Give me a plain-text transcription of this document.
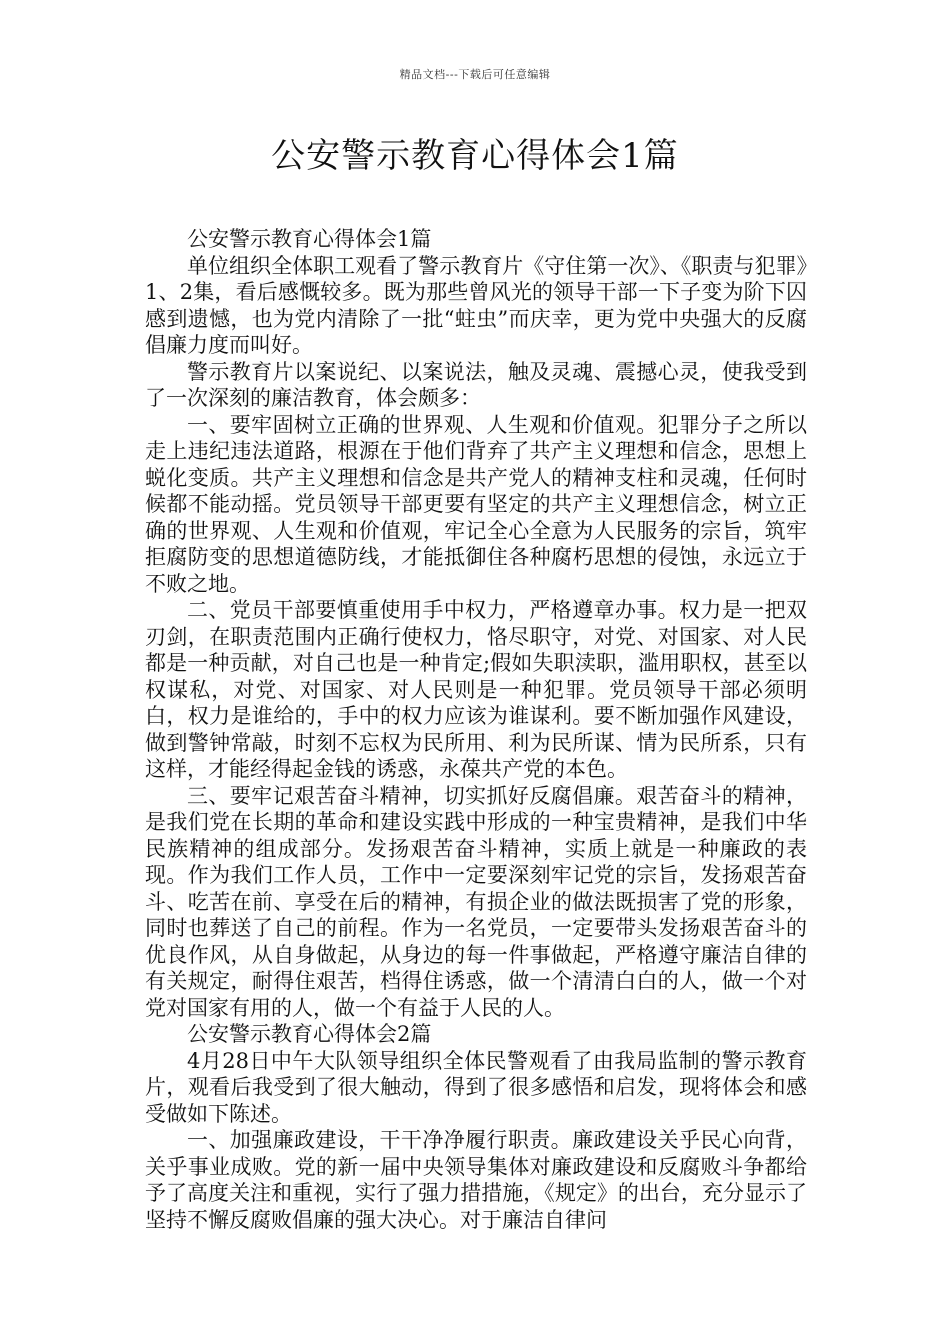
精品文档---下载后可任意编辑
公安警示教育心得体会1篇

公安警示教育心得体会1篇

单位组织全体职工观看了警示教育片《守住第一次》、《职责与犯罪》1、2集，看后感慨较多。既为那些曾风光的领导干部一下子变为阶下囚感到遗憾，也为党内清除了一批“蛀虫”而庆幸，更为党中央强大的反腐倡廉力度而叫好。

警示教育片以案说纪、以案说法，触及灵魂、震撼心灵，使我受到了一次深刻的廉洁教育，体会颇多：

一、要牢固树立正确的世界观、人生观和价值观。犯罪分子之所以走上违纪违法道路，根源在于他们背弃了共产主义理想和信念，思想上蜕化变质。共产主义理想和信念是共产党人的精神支柱和灵魂，任何时候都不能动摇。党员领导干部更要有坚定的共产主义理想信念，树立正确的世界观、人生观和价值观，牢记全心全意为人民服务的宗旨，筑牢拒腐防变的思想道德防线，才能抵御住各种腐朽思想的侵蚀，永远立于不败之地。

二、党员干部要慎重使用手中权力，严格遵章办事。权力是一把双刃剑，在职责范围内正确行使权力，恪尽职守，对党、对国家、对人民都是一种贡献，对自己也是一种肯定;假如失职渎职，滥用职权，甚至以权谋私，对党、对国家、对人民则是一种犯罪。党员领导干部必须明白，权力是谁给的，手中的权力应该为谁谋利。要不断加强作风建设，做到警钟常敲，时刻不忘权为民所用、利为民所谋、情为民所系，只有这样，才能经得起金钱的诱惑，永葆共产党的本色。

三、要牢记艰苦奋斗精神，切实抓好反腐倡廉。艰苦奋斗的精神，是我们党在长期的革命和建设实践中形成的一种宝贵精神，是我们中华民族精神的组成部分。发扬艰苦奋斗精神，实质上就是一种廉政的表现。作为我们工作人员，工作中一定要深刻牢记党的宗旨，发扬艰苦奋斗、吃苦在前、享受在后的精神，有损企业的做法既损害了党的形象，同时也葬送了自己的前程。作为一名党员，一定要带头发扬艰苦奋斗的优良作风，从自身做起，从身边的每一件事做起，严格遵守廉洁自律的有关规定，耐得住艰苦，档得住诱惑，做一个清清白白的人，做一个对党对国家有用的人，做一个有益于人民的人。

公安警示教育心得体会2篇

4月28日中午大队领导组织全体民警观看了由我局监制的警示教育片，观看后我受到了很大触动，得到了很多感悟和启发，现将体会和感受做如下陈述。

一、加强廉政建设，干干净净履行职责。廉政建设关乎民心向背，关乎事业成败。党的新一届中央领导集体对廉政建设和反腐败斗争都给予了高度关注和重视，实行了强力措措施，《规定》的出台，充分显示了坚持不懈反腐败倡廉的强大决心。对于廉洁自律问
